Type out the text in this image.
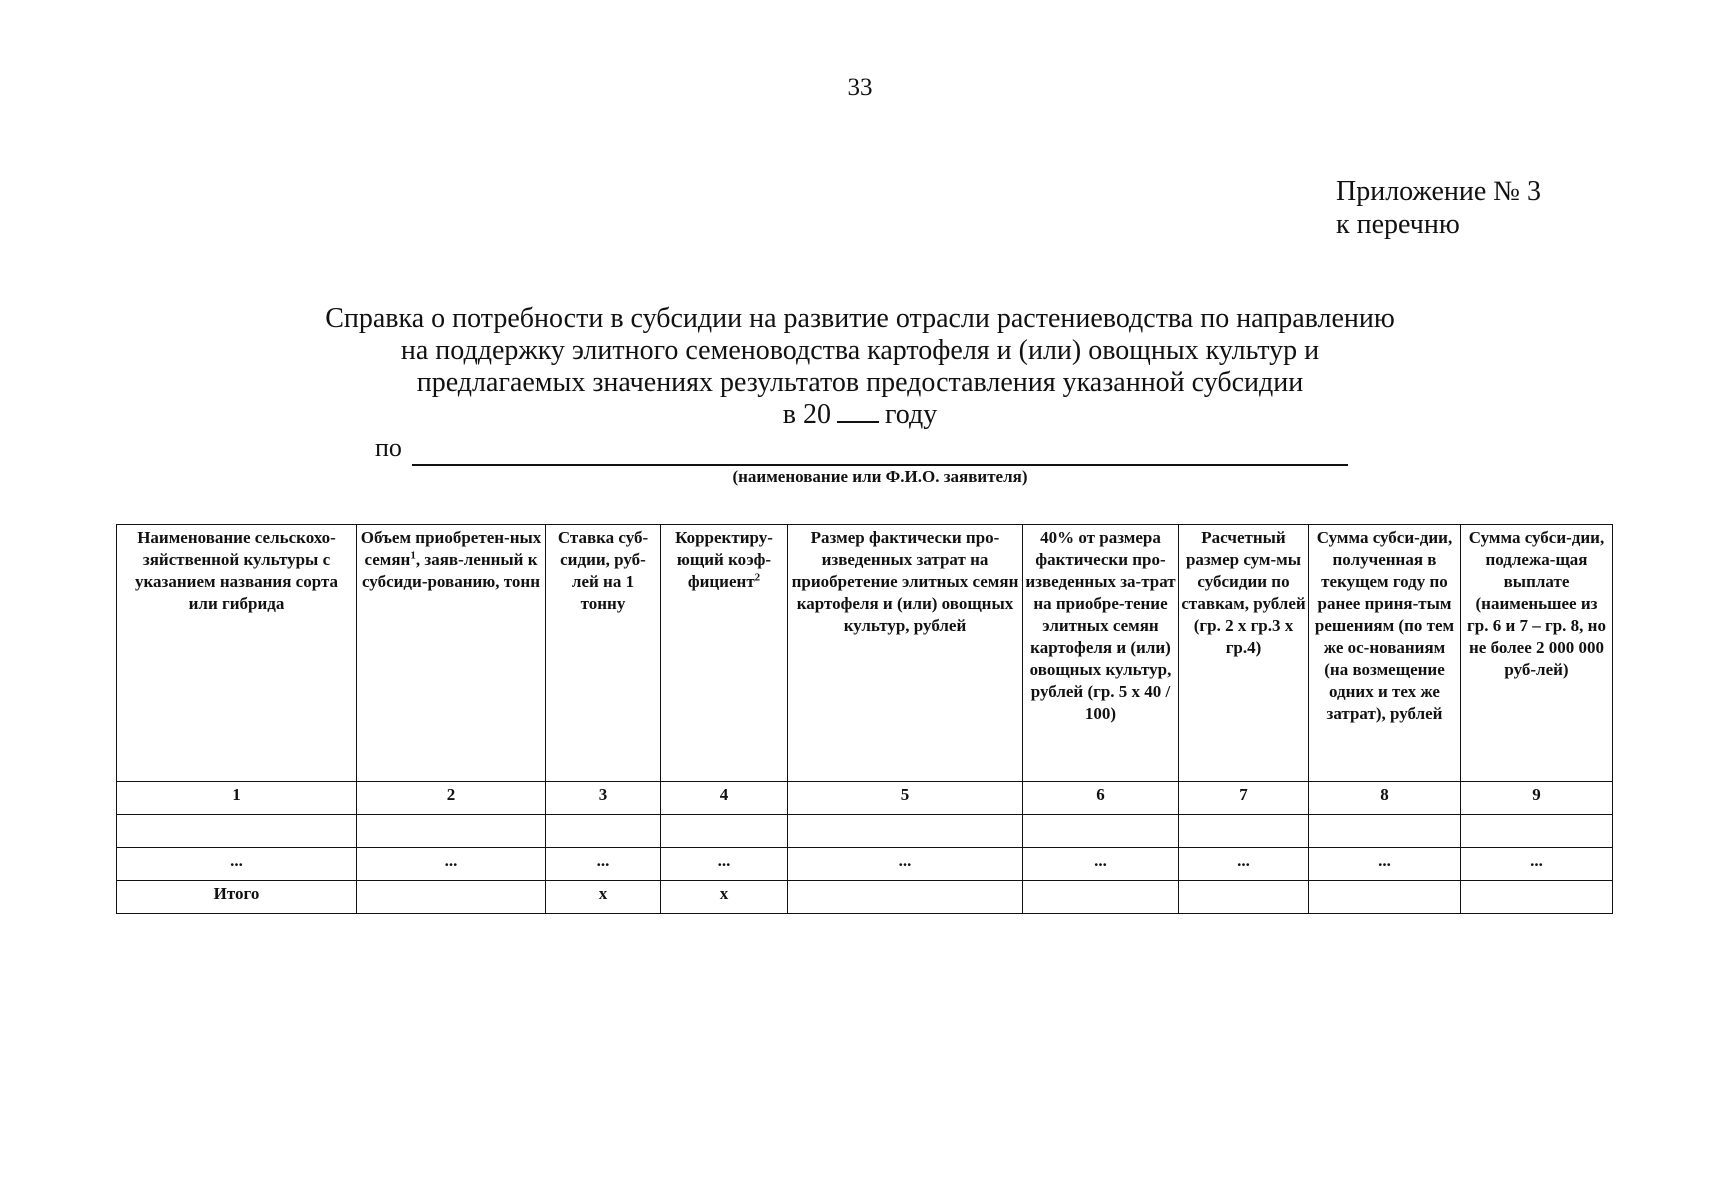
33
Приложение № 3
к перечню
Справка о потребности в субсидии на развитие отрасли растениеводства по направлению
на поддержку элитного семеноводства картофеля и (или) овощных культур и
предлагаемых значениях результатов предоставления указанной субсидии
в 20 году
по
(наименование или Ф.И.О. заявителя)
Наименование сельскохо-зяйственной культуры с указанием названия сорта или гибрида	Объем приобретен-ных семян$^1$, заяв-ленный к субсиди-рованию, тонн	Ставка суб-сидии, руб-лей на 1 тонну	Корректиру-ющий коэф-фициент$^2$	Размер фактически про-изведенных затрат на приобретение элитных семян картофеля и (или) овощных культур, рублей	40% от размера фактически про-изведенных за-трат на приобре-тение элитных семян картофеля и (или) овощных культур, рублей (гр. 5 х 40 / 100)	Расчетный размер сум-мы субсидии по ставкам, рублей (гр. 2 х гр.3 х гр.4)	Сумма субси-дии, полученная в текущем году по ранее приня-тым решениям (по тем же ос-нованиям (на возмещение одних и тех же затрат), рублей	Сумма субси-дии, подлежа-щая выплате (наименьшее из гр. 6 и 7 – гр. 8, но не более 2 000 000 руб-лей)
1	2	3	4	5	6	7	8	9

...	...	...	...	...	...	...	...	...
Итого		х	х					
